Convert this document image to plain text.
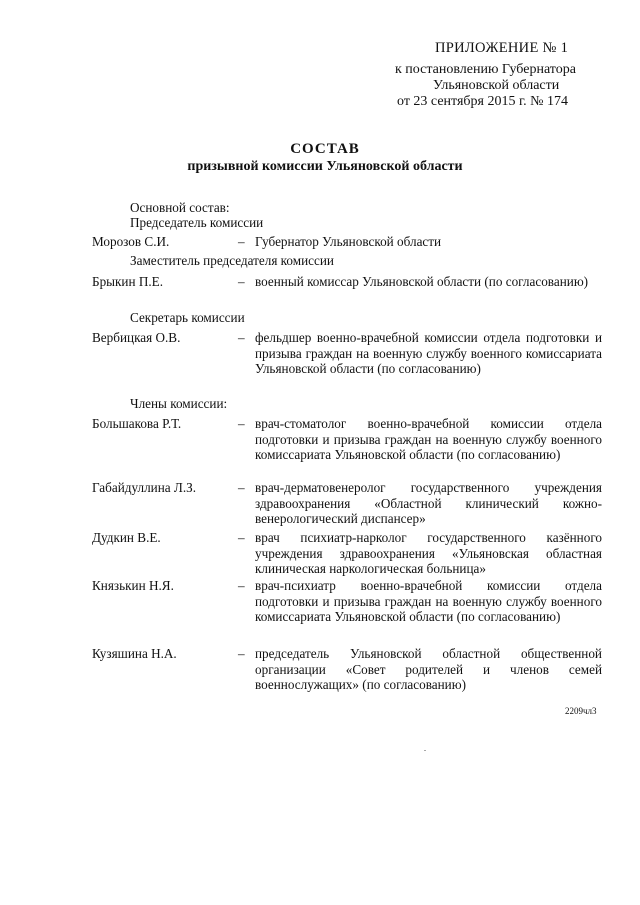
ПРИЛОЖЕНИЕ № 1
к постановлению Губернатора
Ульяновской области
от 23 сентября 2015 г. № 174
СОСТАВ
призывной комиссии Ульяновской области
Основной состав:
Председатель комиссии
Морозов С.И.	– Губернатор Ульяновской области
Заместитель председателя комиссии
Брыкин П.Е.	– военный комиссар Ульяновской области (по согласованию)
Секретарь комиссии
Вербицкая О.В.	– фельдшер военно-врачебной комиссии отдела подготовки и призыва граждан на военную службу военного комиссариата Ульяновской области (по согласованию)
Члены комиссии:
Большакова Р.Т.	– врач-стоматолог военно-врачебной комиссии отдела подготовки и призыва граждан на военную службу военного комиссариата Ульяновской области (по согласованию)
Габайдуллина Л.З.	– врач-дерматовенеролог государственного учреждения здравоохранения «Областной клинический кожно-венерологический диспансер»
Дудкин В.Е.	– врач психиатр-нарколог государственного казённого учреждения здравоохранения «Ульяновская областная клиническая наркологическая больница»
Князькин Н.Я.	– врач-психиатр военно-врачебной комиссии отдела подготовки и призыва граждан на военную службу военного комиссариата Ульяновской области (по согласованию)
Кузяшина Н.А.	– председатель Ульяновской областной общественной организации «Совет родителей и членов семей военнослужащих» (по согласованию)
2209чл3
.
